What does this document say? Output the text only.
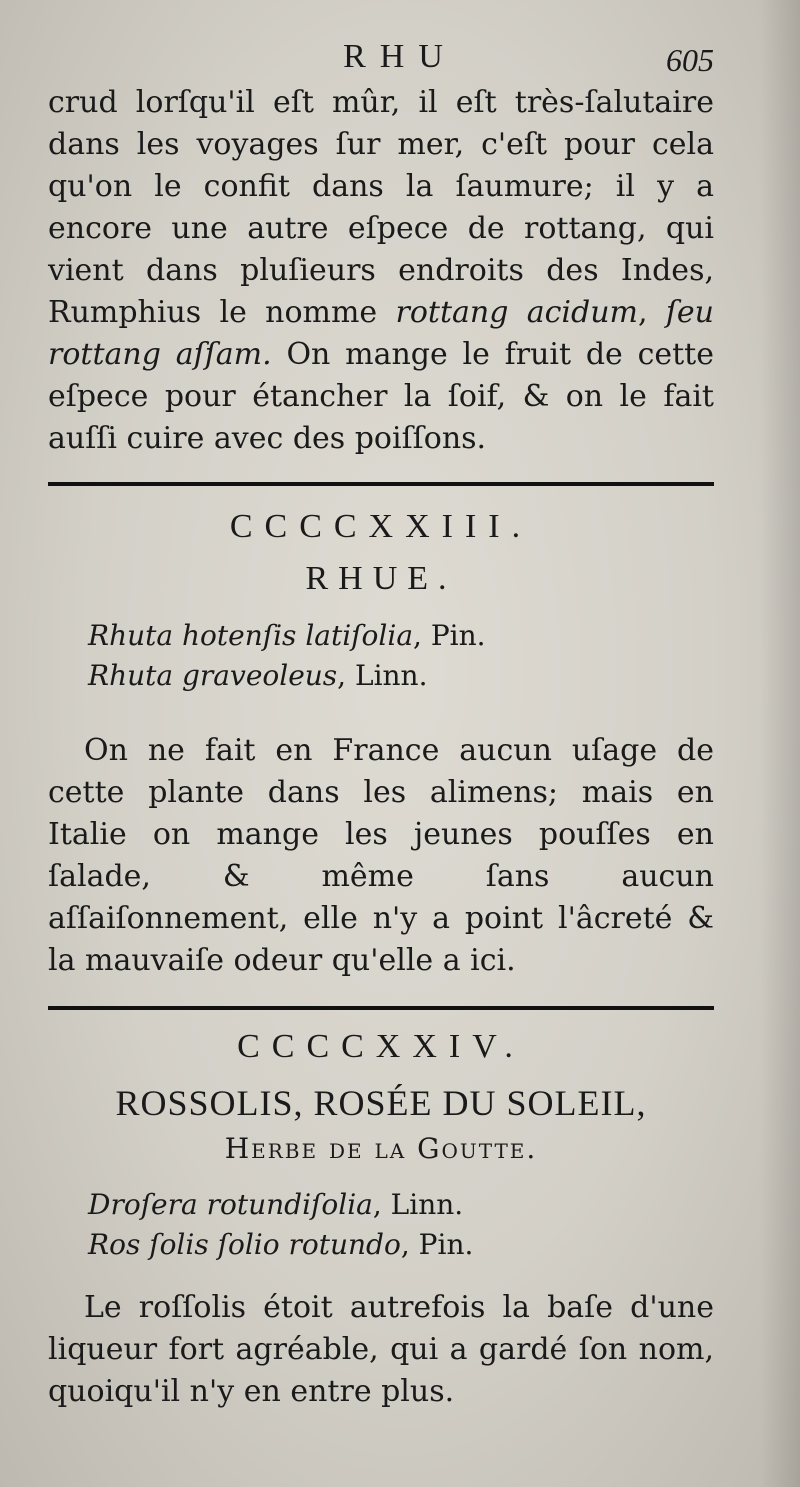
RHU	605

crud lorſqu'il eſt mûr, il eſt très-ſalutaire dans les voyages ſur mer, c'eſt pour cela qu'on le confit dans la ſaumure; il y a encore une autre eſpece de rottang, qui vient dans pluſieurs endroits des Indes, Rumphius le nomme rottang acidum, ſeu rottang aſſam. On mange le fruit de cette eſpece pour étancher la ſoif, & on le fait auſſi cuire avec des poiſſons.

CCCCXXIII.

RHUE.

Rhuta hotenſis latiſolia, Pin.
Rhuta graveoleus, Linn.

On ne fait en France aucun uſage de cette plante dans les alimens; mais en Italie on mange les jeunes pouſſes en ſalade, & même ſans aucun aſſaiſonnement, elle n'y a point l'âcreté & la mauvaiſe odeur qu'elle a ici.

CCCCXXIV.

ROSSOLIS, ROSÉE DU SOLEIL,

Herbe de la Goutte.

Droſera rotundiſolia, Linn.
Ros ſolis ſolio rotundo, Pin.

Le roſſolis étoit autrefois la baſe d'une liqueur fort agréable, qui a gardé ſon nom, quoiqu'il n'y en entre plus.
